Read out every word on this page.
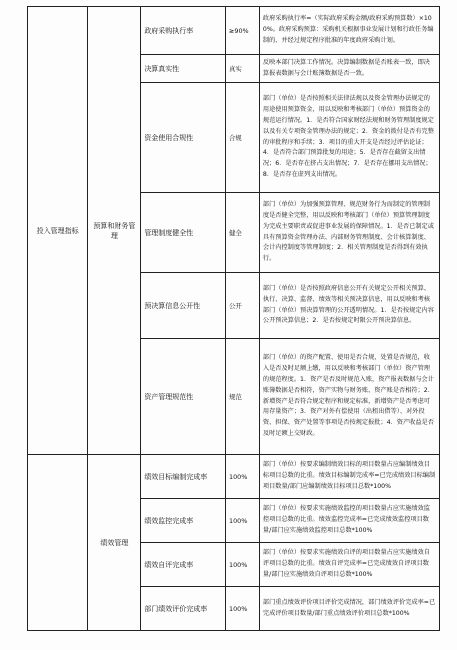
投入管理指标	预算和财务管理	政府采购执行率	≥90%	政府采购执行率=（实际政府采购金额/政府采购预算数）×100%。政府采购预算：采购机关根据事业发展计划和行政任务编制的、并经过规定程序批准的年度政府采购计划。
		决算真实性	真实	反映本部门决算工作情况。决算编制数据是否账表一致，即决算报表数据与会计账簿数据是否一致。
		资金使用合规性	合规	部门（单位）是否按照相关法律法规以及资金管理办法规定的用途使用预算资金，用以反映和考核部门（单位）预算资金的规范运行情况。1．是否符合国家财经法规和财务管理制度规定以及有关专项资金管理办法的规定；2．资金的拨付是否有完整的审批程序和手续；3．项目的重大开支是否经过评估论证；4．是否符合部门预算批复的用途；5．是否存在截留支出情况；6．是否存在挤占支出情况；7．是否存在挪用支出情况；8．是否存在虚列支出情况。
		管理制度健全性	健全	部门（单位）为加强预算管理、规范财务行为而制定的管理制度是否健全完整，用以反映和考核部门（单位）预算管理制度为完成主要职责或促进事业发展的保障情况。1．是否已制定或具有预算资金管理办法、内部财务管理制度、会计核算制度、会计内控制度等管理制度；2．相关管理制度是否得到有效执行。
		预决算信息公开性	公开	部门（单位）是否按照政府信息公开有关规定公开相关预算、执行、决算、监督、绩效等相关预决算信息，用以反映和考核部门（单位）预决算管理的公开透明情况。1．是否按规定内容公开预决算信息；2．是否按规定时限公开预决算信息。
		资产管理规范性	规范	部门（单位）的资产配置、使用是否合规，处置是否规范，收入是否及时足额上缴，用以反映和考核部门（单位）资产管理的规范程度。1．资产是否及时规范入账，资产报表数据与会计账簿数据是否相符，资产实物与财务账、资产账是否相符；2．新增资产是否符合规定程序和规定标准，新增资产是否考虑可用存量资产；3．资产对外有偿使用（出租出借等）、对外投资、担保、资产处置等事项是否按规定报批；4．资产收益是否及时足额上交财政。
	绩效管理	绩效目标编制完成率	100%	部门（单位）按要求编制绩效目标的项目数量占应编制绩效目标项目总数的比重。绩效目标编制完成率=已完成绩效目标编制项目数量/部门应编制绩效目标项目总数*100%
		绩效监控完成率	100%	部门（单位）按要求实施绩效监控的项目数量占应实施绩效监控项目总数的比重。绩效监控完成率=已完成绩效监控项目数量/部门应实施绩效监控项目总数*100%
		绩效自评完成率	100%	部门（单位）按要求实施绩效自评的项目数量占应实施绩效自评项目总数的比重。绩效自评完成率=已完成绩效自评项目数量/部门应实施绩效自评项目总数*100%
		部门绩效评价完成率	100%	部门重点绩效评价项目评价完成情况，部门绩效评价完成率=已完成评价项目数量/部门重点绩效评价项目总数*100%
